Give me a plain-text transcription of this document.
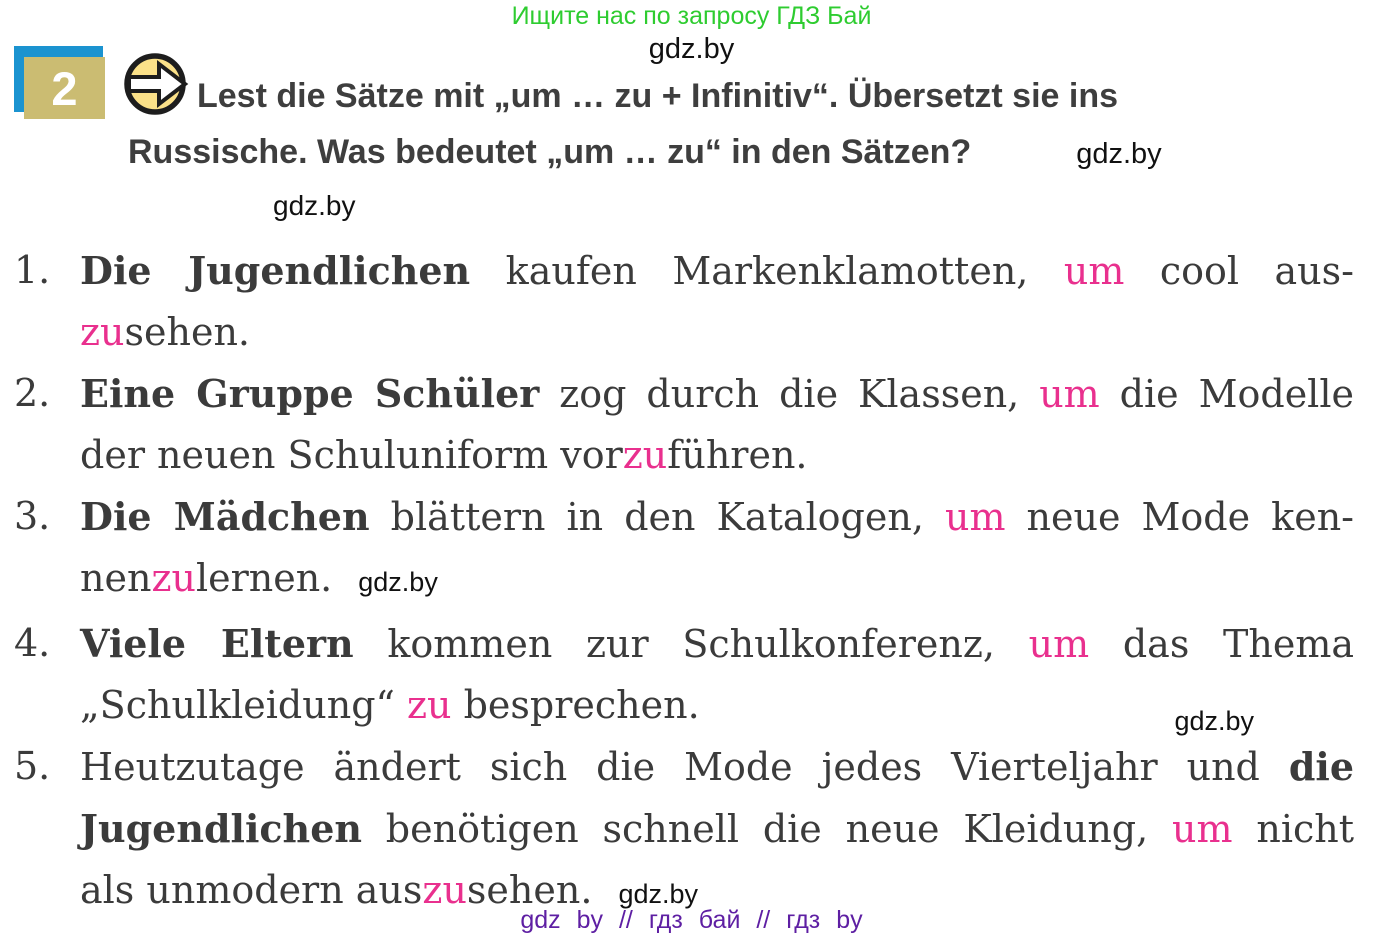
Ищите нас по запросу ГДЗ Бай
gdz.by
2	Lest die Sätze mit „um … zu + Infinitiv“. Übersetzt sie ins
Russische. Was bedeutet „um … zu“ in den Sätzen?	gdz.by
gdz.by
1. Die Jugendlichen kaufen Markenklamotten, um cool aus-
zusehen.
2. Eine Gruppe Schüler zog durch die Klassen, um die Modelle
der neuen Schuluniform vorzuführen.
3. Die Mädchen blättern in den Katalogen, um neue Mode ken-
nenzulernen. gdz.by
4. Viele Eltern kommen zur Schulkonferenz, um das Thema
„Schulkleidung“ zu besprechen.	gdz.by
5. Heutzutage ändert sich die Mode jedes Vierteljahr und die
Jugendlichen benötigen schnell die neue Kleidung, um nicht
als unmodern auszusehen. gdz.by
gdz by // гдз бай // гдз by
